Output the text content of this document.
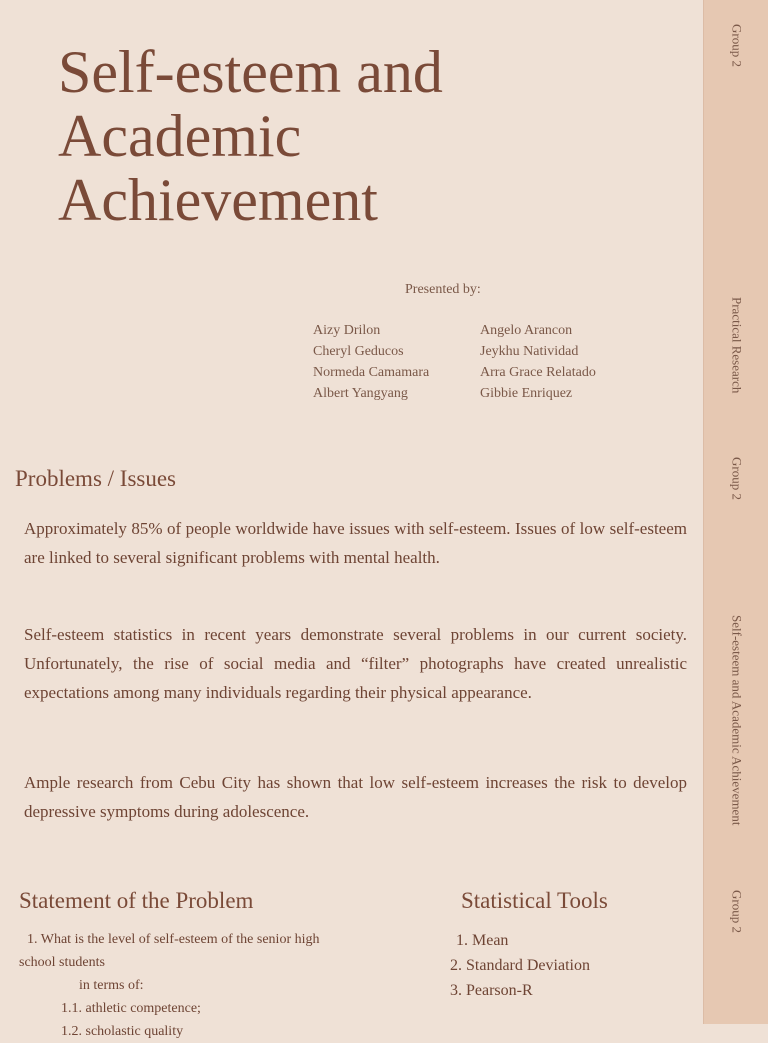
Group 2
Practical Research
Group 2
Self-esteem and Academic Achievement
Group 2
Self-esteem and
Academic
Achievement
Presented by:
Aizy Drilon
Cheryl Geducos
Normeda Camamara
Albert Yangyang
Angelo Arancon
Jeykhu Natividad
Arra Grace Relatado
Gibbie Enriquez
Problems / Issues

Approximately 85% of people worldwide have issues with self-esteem. Issues of low self-esteem are linked to several significant problems with mental health.

Self-esteem statistics in recent years demonstrate several problems in our current society. Unfortunately, the rise of social media and “filter” photographs have created unrealistic expectations among many individuals regarding their physical appearance.

Ample research from Cebu City has shown that low self-esteem increases the risk to develop depressive symptoms during adolescence.

Statement of the Problem	Statistical Tools
1. What is the level of self-esteem of the senior high
school students
in terms of:
1.1. athletic competence;
1.2. scholastic quality
1. Mean
2. Standard Deviation
3. Pearson-R
